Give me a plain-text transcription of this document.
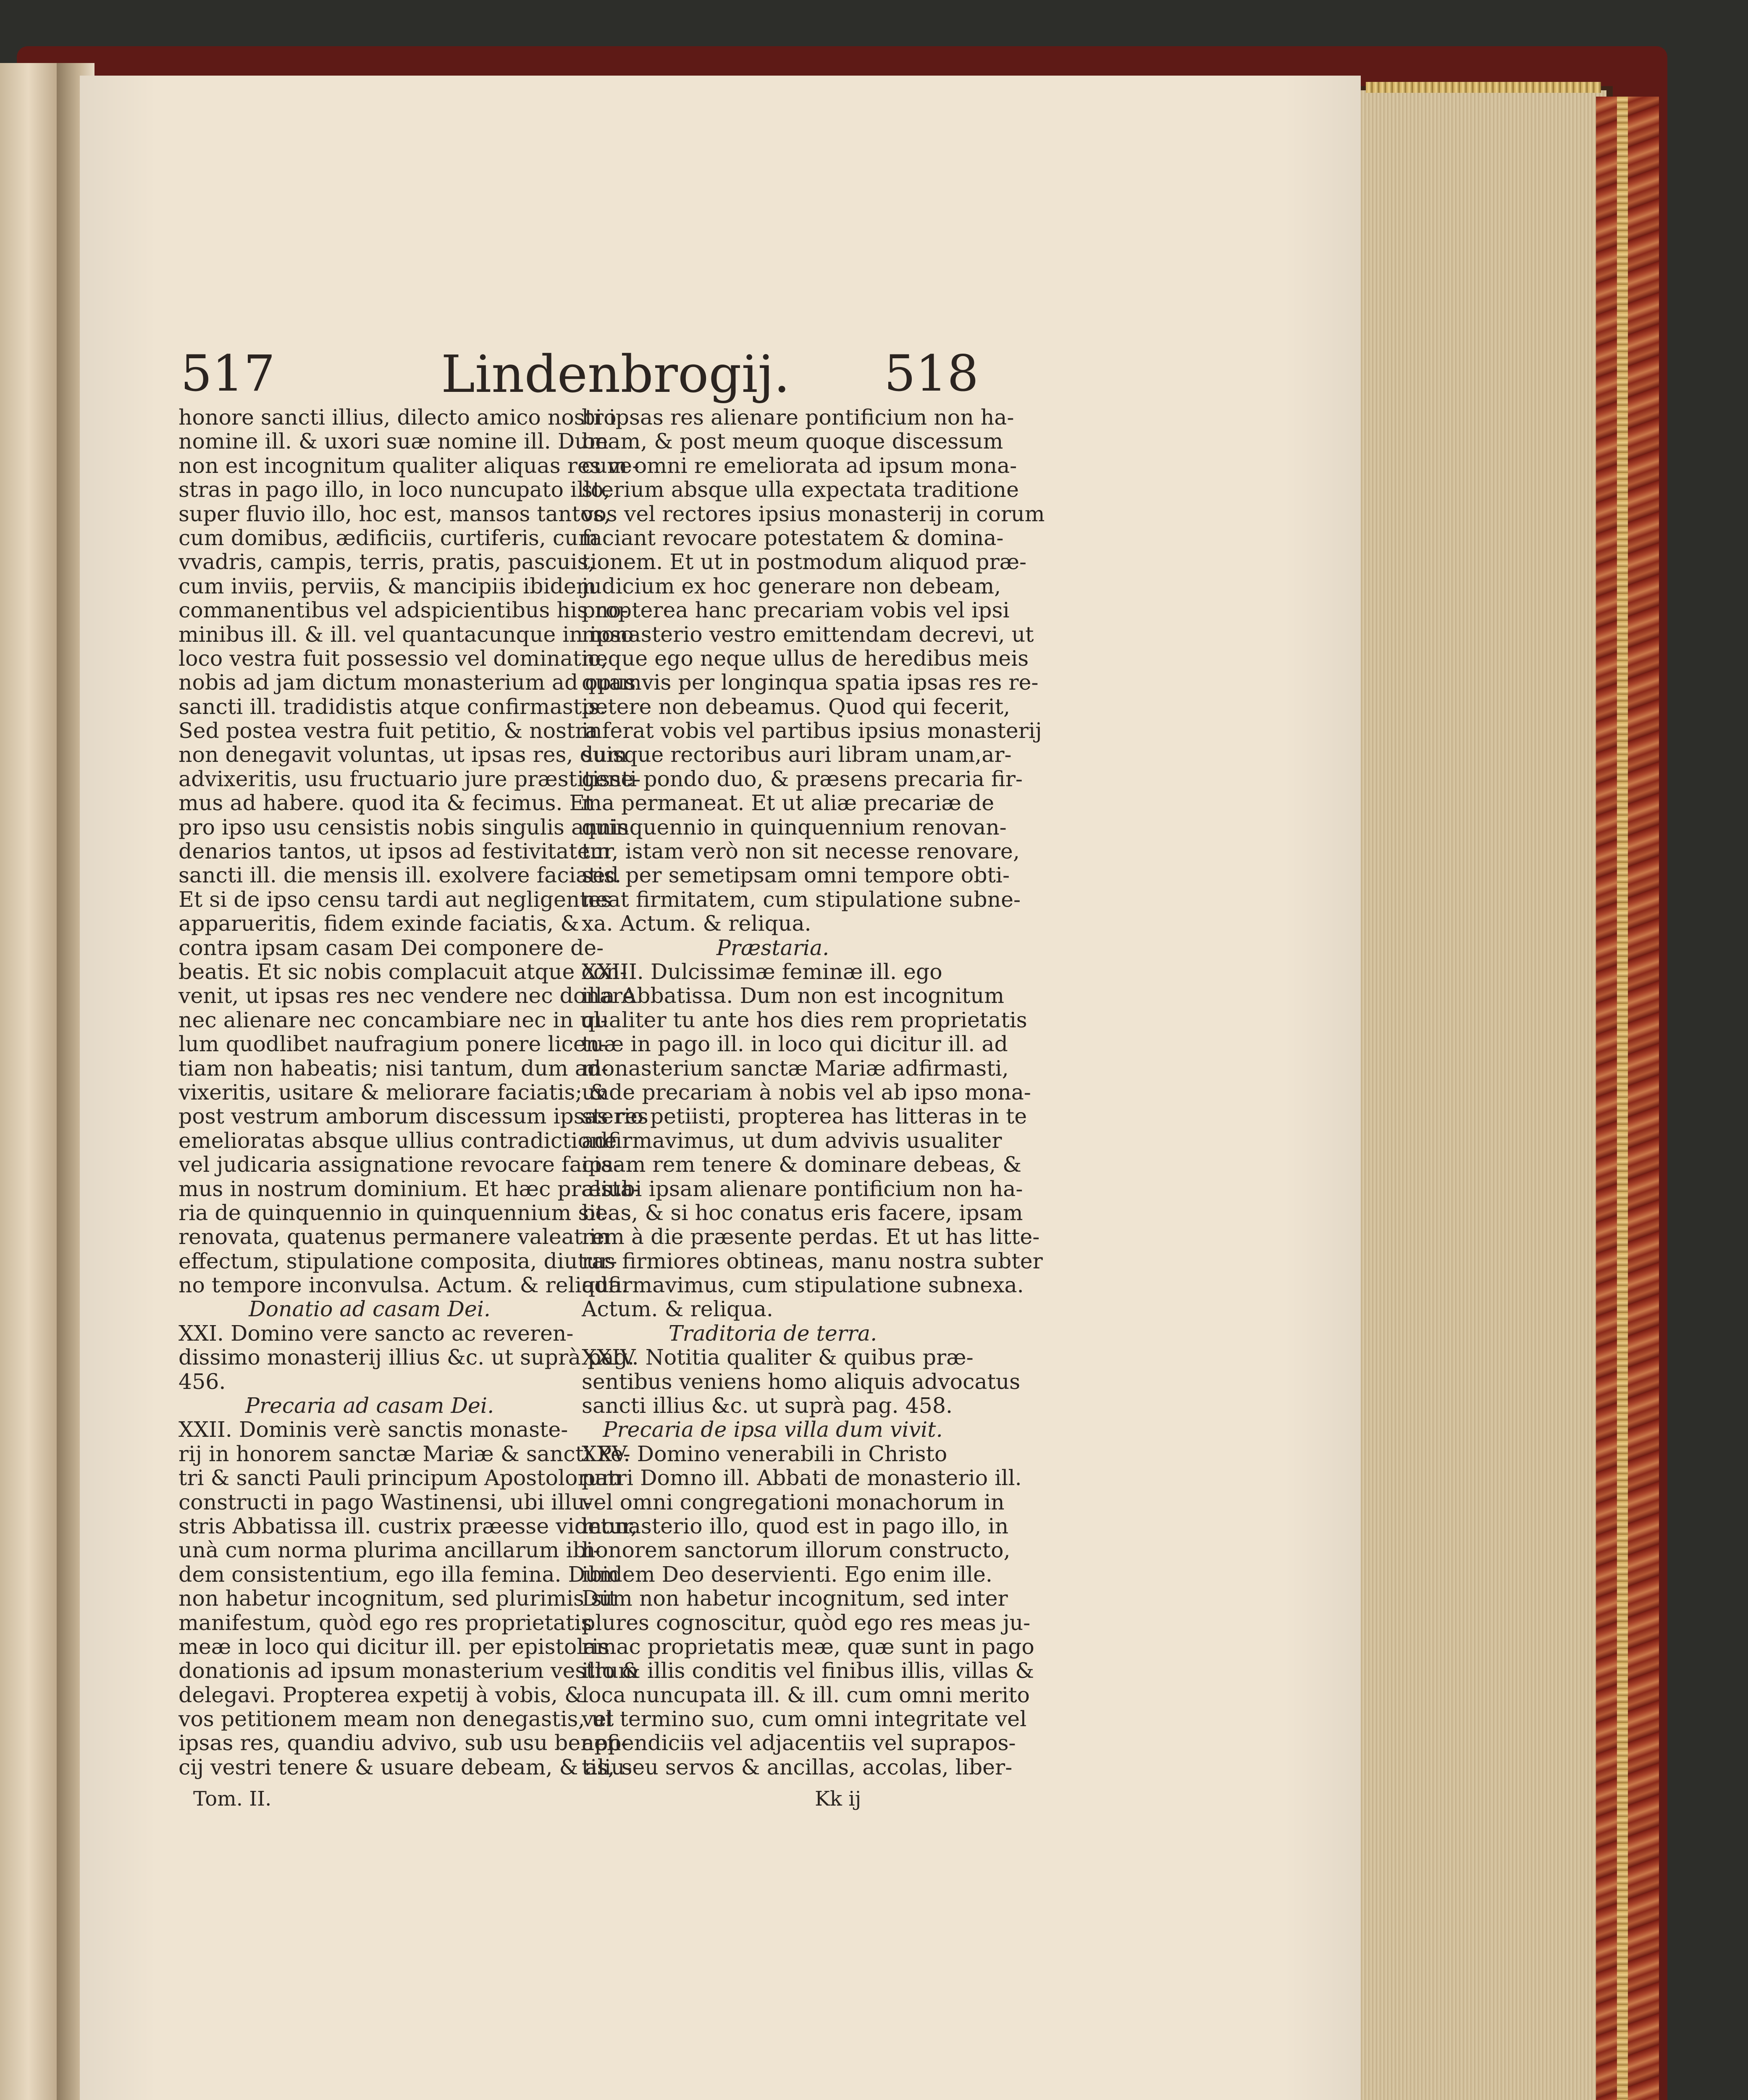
517	Lindenbrogij. 518
honore sancti illius, dilecto amico nostro
nomine ill. & uxori suæ nomine ill. Dum
non est incognitum qualiter aliquas res ve-
stras in pago illo, in loco nuncupato illo,
super fluvio illo, hoc est, mansos tantos,
cum domibus, ædificiis, curtiferis, cum
vvadris, campis, terris, pratis, pascuis,
cum inviis, perviis, & mancipiis ibidem
commanentibus vel adspicientibus his no-
minibus ill. & ill. vel quantacunque in ipso
loco vestra fuit possessio vel dominatio,
nobis ad jam dictum monasterium ad opus
sancti ill. tradidistis atque confirmastis.
Sed postea vestra fuit petitio, & nostra
non denegavit voluntas, ut ipsas res, dum
advixeritis, usu fructuario jure præstitisse-
mus ad habere. quod ita & fecimus. Et
pro ipso usu censistis nobis singulis annis
denarios tantos, ut ipsos ad festivitatem
sancti ill. die mensis ill. exolvere faciatis.
Et si de ipso censu tardi aut negligentes
apparueritis, fidem exinde faciatis, &
contra ipsam casam Dei componere de-
beatis. Et sic nobis complacuit atque con-
venit, ut ipsas res nec vendere nec donare
nec alienare nec concambiare nec in ul-
lum quodlibet naufragium ponere licen-
tiam non habeatis; nisi tantum, dum ad-
vixeritis, usitare & meliorare faciatis; &
post vestrum amborum discessum ipsas res
emelioratas absque ullius contradictione
vel judicaria assignatione revocare facia-
mus in nostrum dominium. Et hæc præsta-
ria de quinquennio in quinquennium sit
renovata, quatenus permanere valeat in
effectum, stipulatione composita, diutur-
no tempore inconvulsa. Actum. & reliqua.
Donatio ad casam Dei.
XXI. Domino vere sancto ac reveren-
dissimo monasterij illius &c. ut suprà pag.
456.
Precaria ad casam Dei.
XXII. Dominis verè sanctis monaste-
rij in honorem sanctæ Mariæ & sancti Pe-
tri & sancti Pauli principum Apostolorum
constructi in pago Wastinensi, ubi illu-
stris Abbatissa ill. custrix præesse videtur,
unà cum norma plurima ancillarum ibi-
dem consistentium, ego illa femina. Dum
non habetur incognitum, sed plurimis sit
manifestum, quòd ego res proprietatis
meæ in loco qui dicitur ill. per epistolam
donationis ad ipsum monasterium vestrum
delegavi. Propterea expetij à vobis, &
vos petitionem meam non denegastis, ut
ipsas res, quandiu advivo, sub usu benefi-
cij vestri tenere & usuare debeam, & aliu-
bi ipsas res alienare pontificium non ha-
beam, & post meum quoque discessum
cum omni re emeliorata ad ipsum mona-
sterium absque ulla expectata traditione
vos vel rectores ipsius monasterij in corum
faciant revocare potestatem & domina-
tionem. Et ut in postmodum aliquod præ-
judicium ex hoc generare non debeam,
propterea hanc precariam vobis vel ipsi
monasterio vestro emittendam decrevi, ut
neque ego neque ullus de heredibus meis
quamvis per longinqua spatia ipsas res re-
petere non debeamus. Quod qui fecerit,
inferat vobis vel partibus ipsius monasterij
suisque rectoribus auri libram unam,ar-
genti pondo duo, & præsens precaria fir-
ma permaneat. Et ut aliæ precariæ de
quinquennio in quinquennium renovan-
tur, istam verò non sit necesse renovare,
sed per semetipsam omni tempore obti-
neat firmitatem, cum stipulatione subne-
xa. Actum. & reliqua.
Præstaria.
XXIII. Dulcissimæ feminæ ill. ego
illa Abbatissa. Dum non est incognitum
qualiter tu ante hos dies rem proprietatis
tuæ in pago ill. in loco qui dicitur ill. ad
monasterium sanctæ Mariæ adfirmasti,
unde precariam à nobis vel ab ipso mona-
sterio petiisti, propterea has litteras in te
adfirmavimus, ut dum advivis usualiter
ipsam rem tenere & dominare debeas, &
aliubi ipsam alienare pontificium non ha-
beas, & si hoc conatus eris facere, ipsam
rem à die præsente perdas. Et ut has litte-
ras firmiores obtineas, manu nostra subter
adfirmavimus, cum stipulatione subnexa.
Actum. & reliqua.
Traditoria de terra.
XXIV. Notitia qualiter & quibus præ-
sentibus veniens homo aliquis advocatus
sancti illius &c. ut suprà pag. 458.
Precaria de ipsa villa dum vivit.
XXV. Domino venerabili in Christo
patri Domno ill. Abbati de monasterio ill.
vel omni congregationi monachorum in
monasterio illo, quod est in pago illo, in
honorem sanctorum illorum constructo,
ibidem Deo deservienti. Ego enim ille.
Dum non habetur incognitum, sed inter
plures cognoscitur, quòd ego res meas ju-
ris ac proprietatis meæ, quæ sunt in pago
illo & illis conditis vel finibus illis, villas &
loca nuncupata ill. & ill. cum omni merito
vel termino suo, cum omni integritate vel
appendiciis vel adjacentiis vel suprapos-
tis, seu servos & ancillas, accolas, liber-
Tom. II.	Kk ij
